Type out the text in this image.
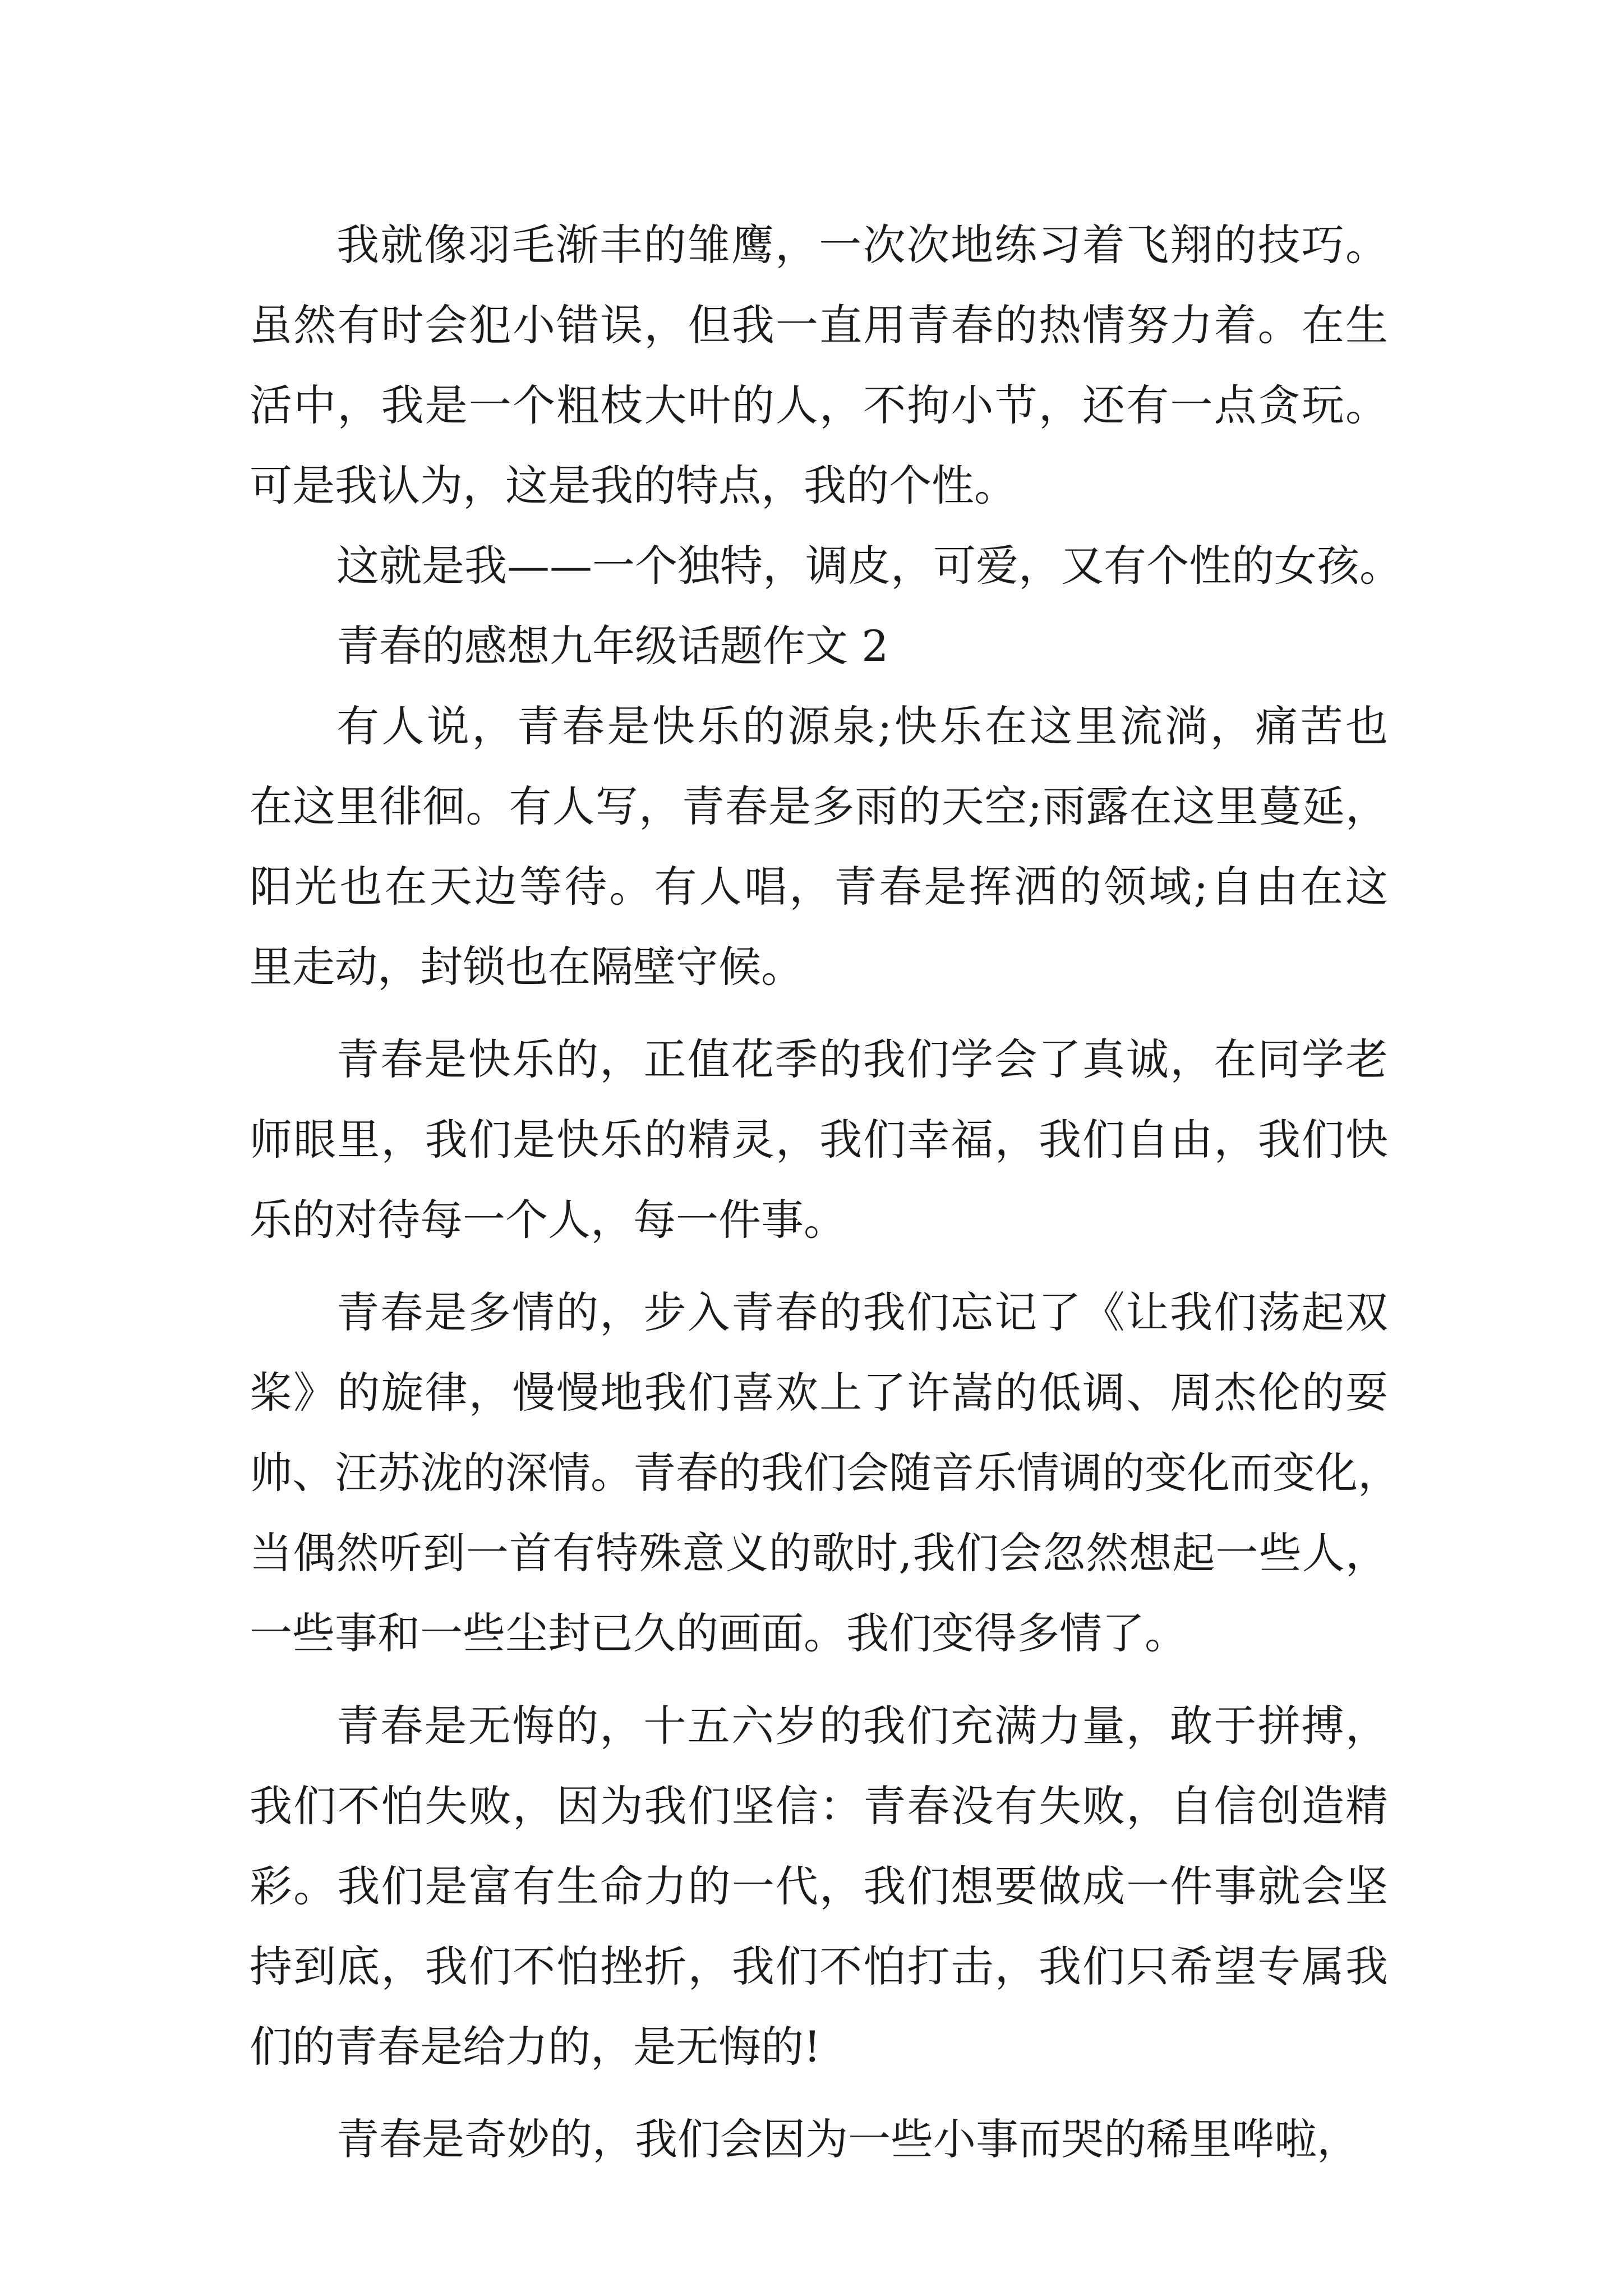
我就像羽毛渐丰的雏鹰，一次次地练习着飞翔的技巧。
虽然有时会犯小错误，但我一直用青春的热情努力着。在生
活中，我是一个粗枝大叶的人，不拘小节，还有一点贪玩。
可是我认为，这是我的特点，我的个性。
这就是我——一个独特，调皮，可爱，又有个性的女孩。
青春的感想九年级话题作文 2
有人说，青春是快乐的源泉;快乐在这里流淌，痛苦也
在这里徘徊。有人写，青春是多雨的天空;雨露在这里蔓延，
阳光也在天边等待。有人唱，青春是挥洒的领域;自由在这
里走动，封锁也在隔壁守候。
青春是快乐的，正值花季的我们学会了真诚，在同学老
师眼里，我们是快乐的精灵，我们幸福，我们自由，我们快
乐的对待每一个人，每一件事。
青春是多情的，步入青春的我们忘记了《让我们荡起双
桨》的旋律，慢慢地我们喜欢上了许嵩的低调、周杰伦的耍
帅、汪苏泷的深情。青春的我们会随音乐情调的变化而变化，
当偶然听到一首有特殊意义的歌时,我们会忽然想起一些人，
一些事和一些尘封已久的画面。我们变得多情了。
青春是无悔的，十五六岁的我们充满力量，敢于拼搏，
我们不怕失败，因为我们坚信：青春没有失败，自信创造精
彩。我们是富有生命力的一代，我们想要做成一件事就会坚
持到底，我们不怕挫折，我们不怕打击，我们只希望专属我
们的青春是给力的，是无悔的!
青春是奇妙的，我们会因为一些小事而哭的稀里哗啦，
